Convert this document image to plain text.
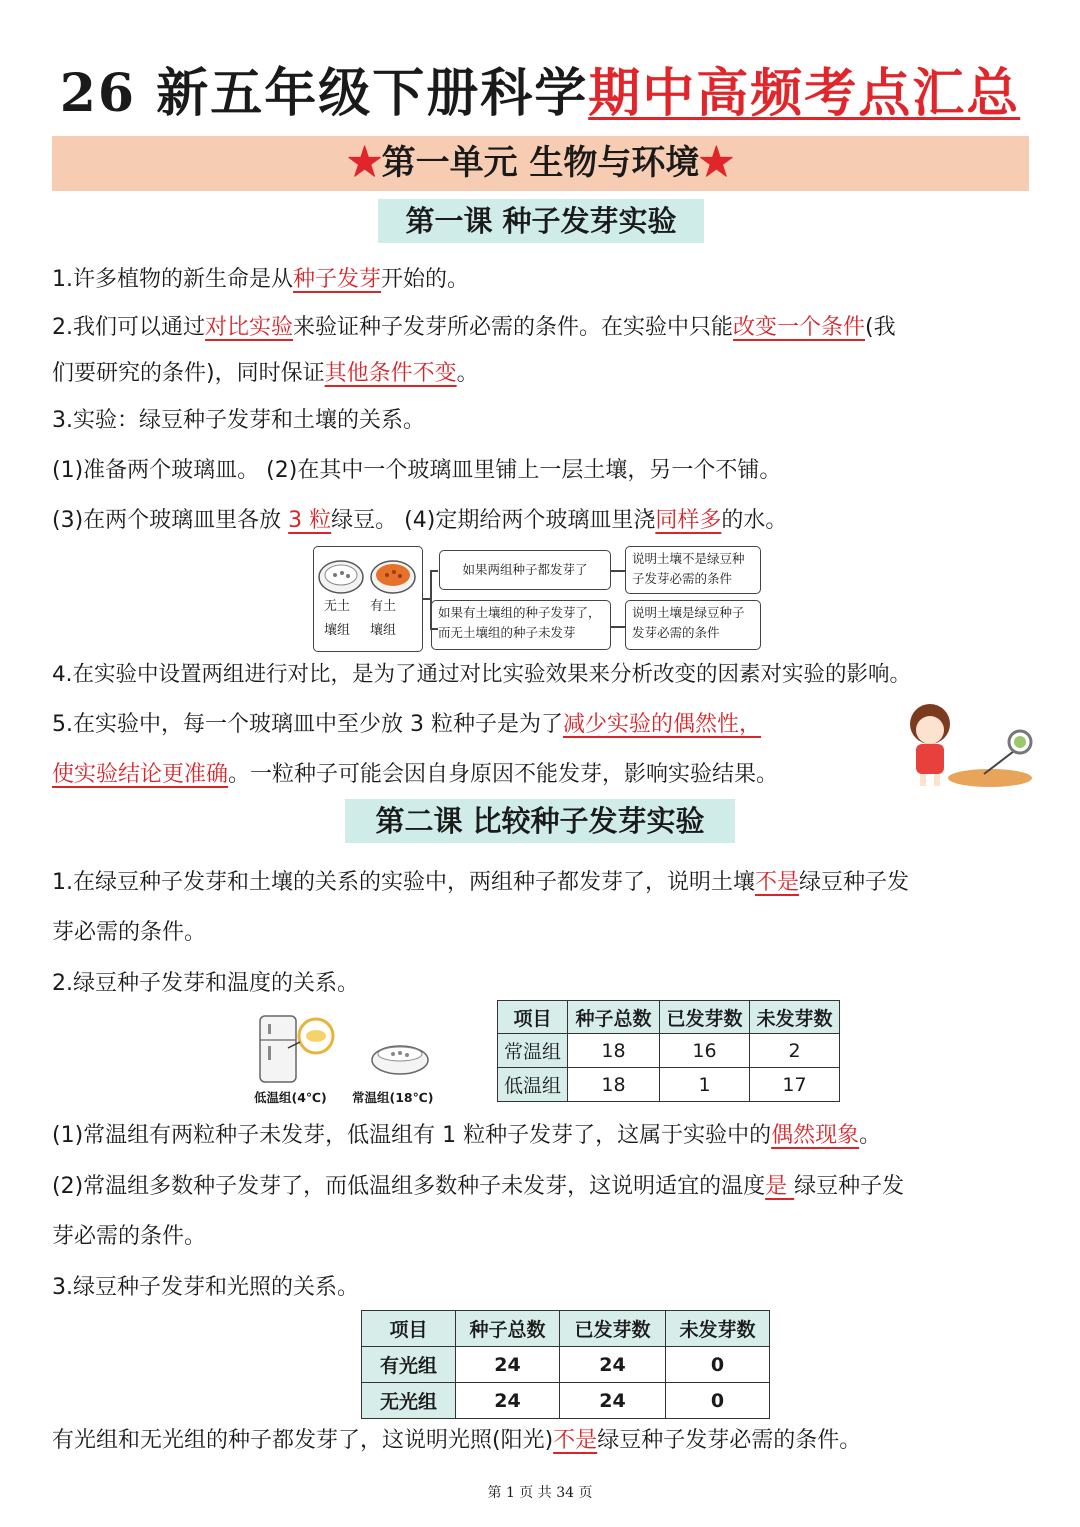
26 新五年级下册科学期中高频考点汇总
★第一单元 生物与环境★
第一课 种子发芽实验
1.许多植物的新生命是从种子发芽开始的。
2.我们可以通过对比实验来验证种子发芽所必需的条件。在实验中只能改变一个条件(我
们要研究的条件)，同时保证其他条件不变。
3.实验：绿豆种子发芽和土壤的关系。
(1)准备两个玻璃皿。 (2)在其中一个玻璃皿里铺上一层土壤，另一个不铺。
(3)在两个玻璃皿里各放 3 粒绿豆。 (4)定期给两个玻璃皿里浇同样多的水。
无土
壤组
有土
壤组
如果两组种子都发芽了
如果有土壤组的种子发芽了，
而无土壤组的种子未发芽
说明土壤不是绿豆种
子发芽必需的条件
说明土壤是绿豆种子
发芽必需的条件
4.在实验中设置两组进行对比，是为了通过对比实验效果来分析改变的因素对实验的影响。
5.在实验中，每一个玻璃皿中至少放 3 粒种子是为了减少实验的偶然性，
使实验结论更准确。一粒种子可能会因自身原因不能发芽，影响实验结果。
第二课 比较种子发芽实验
1.在绿豆种子发芽和土壤的关系的实验中，两组种子都发芽了，说明土壤不是绿豆种子发
芽必需的条件。
2.绿豆种子发芽和温度的关系。
低温组(4℃) 常温组(18℃)
项目	种子总数	已发芽数	未发芽数
常温组	18	16	2
低温组	18	1	17
(1)常温组有两粒种子未发芽，低温组有 1 粒种子发芽了，这属于实验中的偶然现象。
(2)常温组多数种子发芽了，而低温组多数种子未发芽，这说明适宜的温度是 绿豆种子发
芽必需的条件。
3.绿豆种子发芽和光照的关系。
项目	种子总数	已发芽数	未发芽数
有光组	24	24	0
无光组	24	24	0
有光组和无光组的种子都发芽了，这说明光照(阳光)不是绿豆种子发芽必需的条件。
第 1 页 共 34 页
